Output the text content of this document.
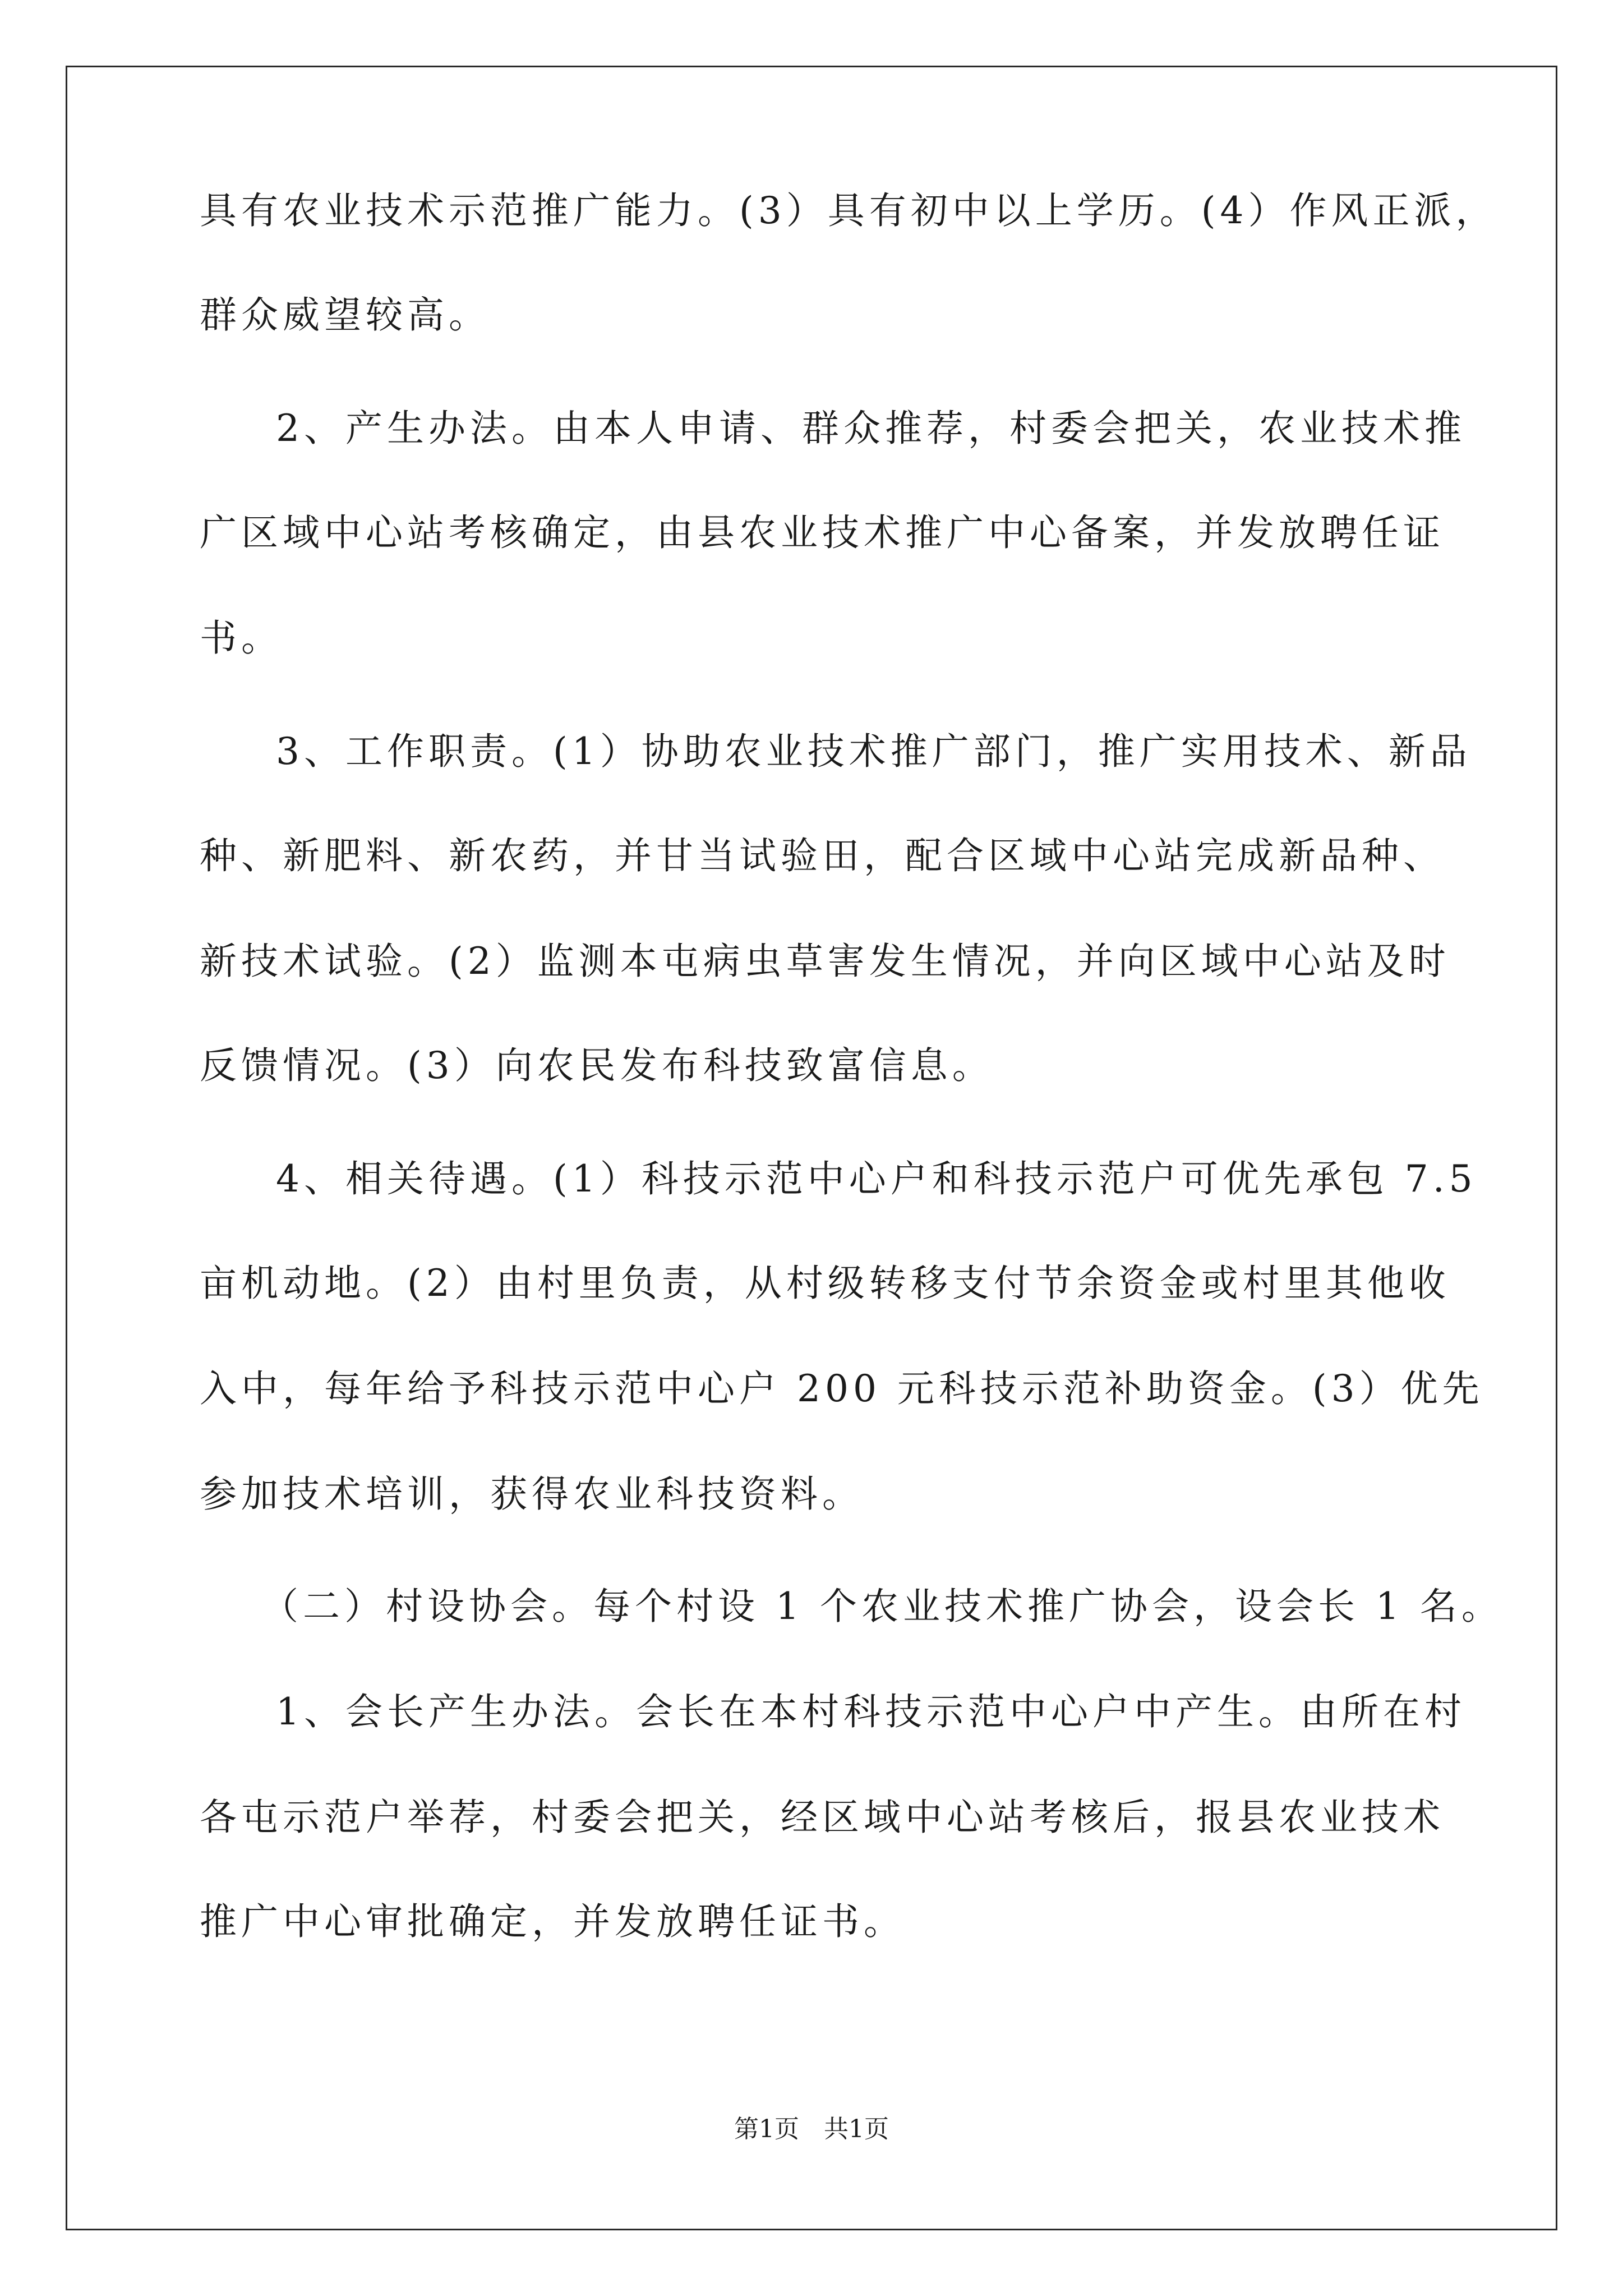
具有农业技术示范推广能力。(3）具有初中以上学历。(4）作风正派，
群众威望较高。
2、产生办法。由本人申请、群众推荐，村委会把关，农业技术推
广区域中心站考核确定，由县农业技术推广中心备案，并发放聘任证
书。
3、工作职责。(1）协助农业技术推广部门，推广实用技术、新品
种、新肥料、新农药，并甘当试验田，配合区域中心站完成新品种、
新技术试验。(2）监测本屯病虫草害发生情况，并向区域中心站及时
反馈情况。(3）向农民发布科技致富信息。
4、相关待遇。(1）科技示范中心户和科技示范户可优先承包 7.5
亩机动地。(2）由村里负责，从村级转移支付节余资金或村里其他收
入中，每年给予科技示范中心户 200 元科技示范补助资金。(3）优先
参加技术培训，获得农业科技资料。
（二）村设协会。每个村设 1 个农业技术推广协会，设会长 1 名。
1、会长产生办法。会长在本村科技示范中心户中产生。由所在村
各屯示范户举荐，村委会把关，经区域中心站考核后，报县农业技术
推广中心审批确定，并发放聘任证书。
第1页　共1页
